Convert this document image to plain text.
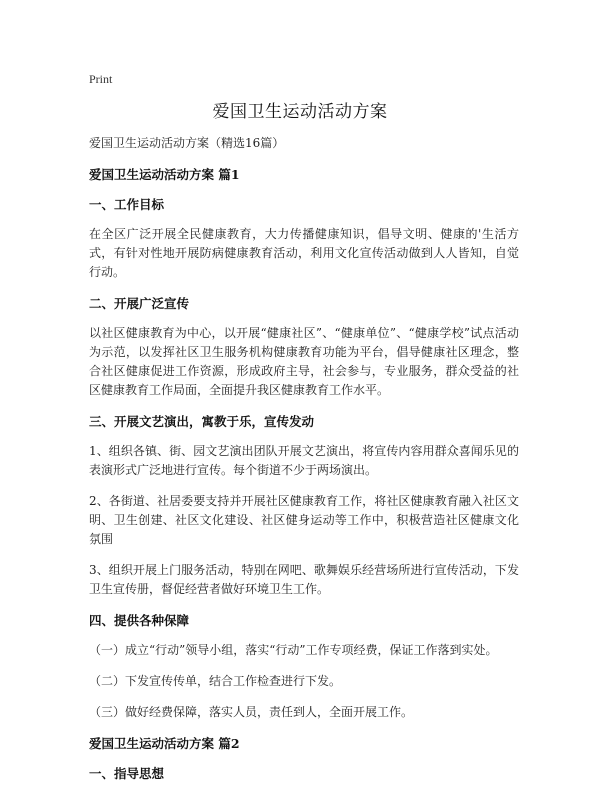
Print
爱国卫生运动活动方案

爱国卫生运动活动方案（精选16篇）

爱国卫生运动活动方案 篇1

一、工作目标

在全区广泛开展全民健康教育，大力传播健康知识，倡导文明、健康的'生活方式，有针对性地开展防病健康教育活动，利用文化宣传活动做到人人皆知，自觉行动。

二、开展广泛宣传

以社区健康教育为中心，以开展“健康社区”、“健康单位”、“健康学校”试点活动为示范，以发挥社区卫生服务机构健康教育功能为平台，倡导健康社区理念，整合社区健康促进工作资源，形成政府主导，社会参与，专业服务，群众受益的社区健康教育工作局面，全面提升我区健康教育工作水平。

三、开展文艺演出，寓教于乐，宣传发动

1、组织各镇、街、园文艺演出团队开展文艺演出，将宣传内容用群众喜闻乐见的表演形式广泛地进行宣传。每个街道不少于两场演出。

2、各街道、社居委要支持并开展社区健康教育工作，将社区健康教育融入社区文明、卫生创建、社区文化建设、社区健身运动等工作中，积极营造社区健康文化氛围

3、组织开展上门服务活动，特别在网吧、歌舞娱乐经营场所进行宣传活动，下发卫生宣传册，督促经营者做好环境卫生工作。

四、提供各种保障

（一）成立“行动”领导小组，落实“行动”工作专项经费，保证工作落到实处。

（二）下发宣传传单，结合工作检查进行下发。

（三）做好经费保障，落实人员，责任到人，全面开展工作。

爱国卫生运动活动方案 篇2

一、指导思想
